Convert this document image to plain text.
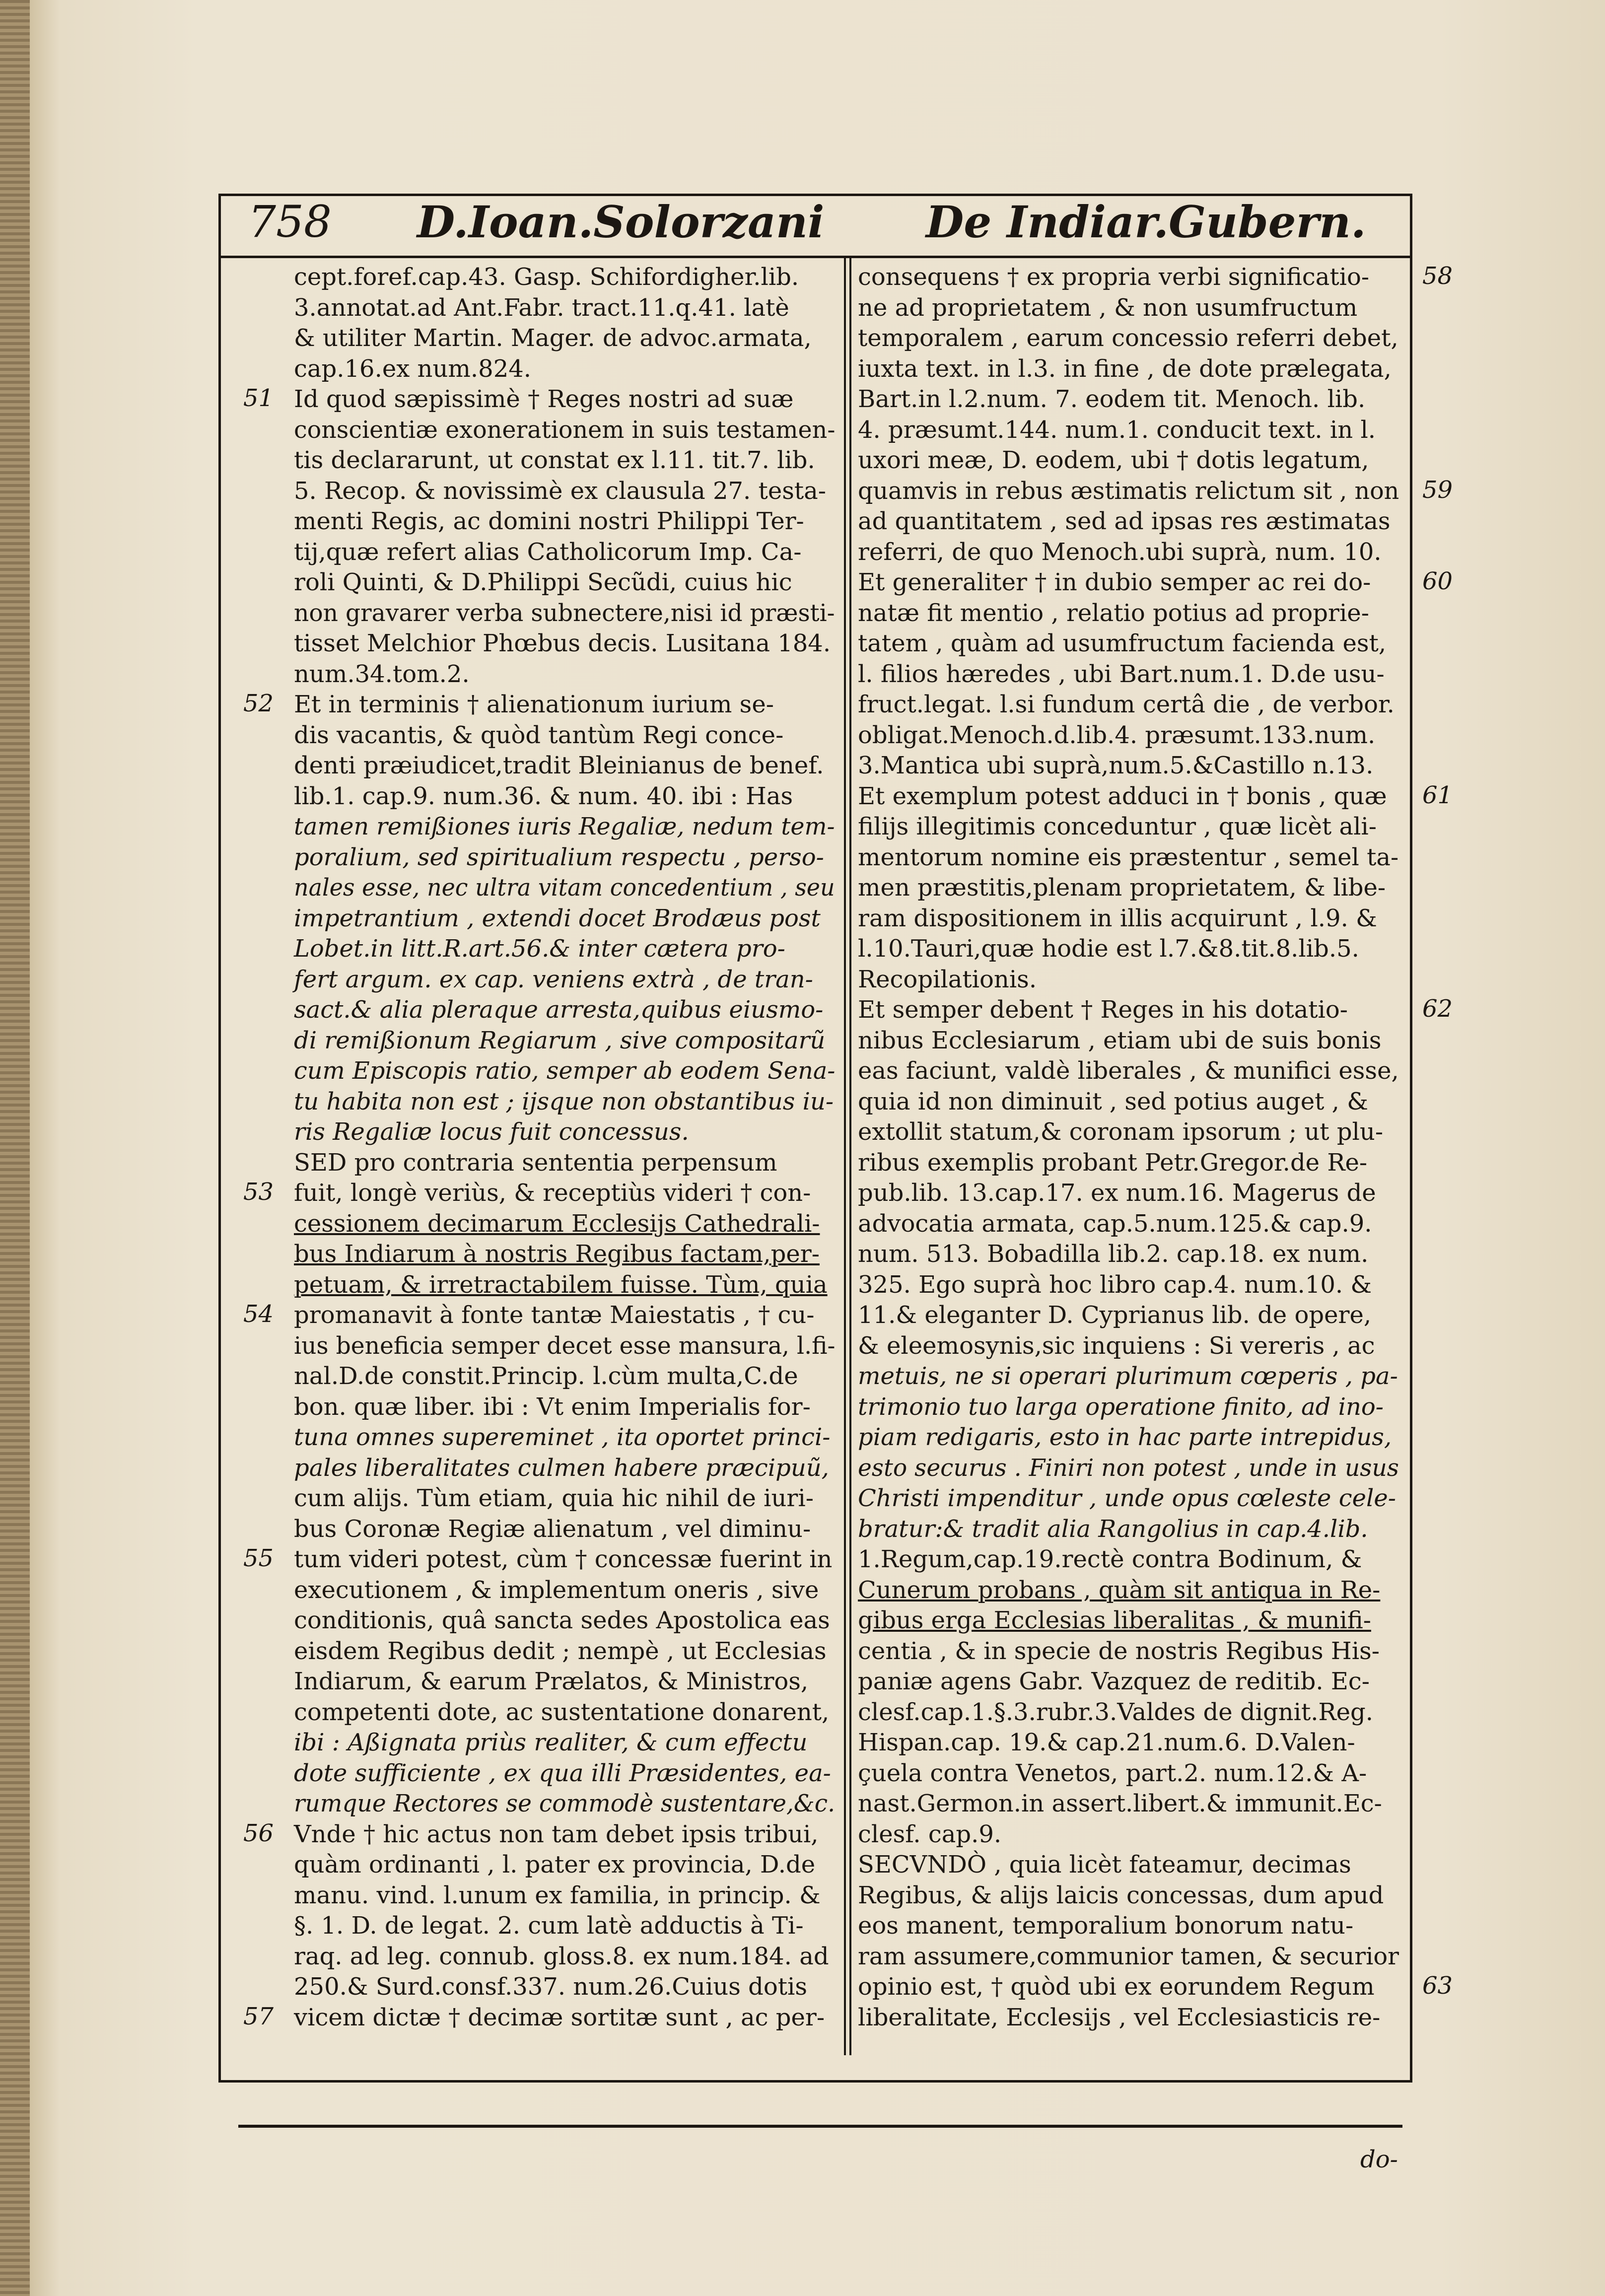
758 D.Ioan.Solorzani De Indiar.Gubern.
cept.foref.cap.43. Gasp. Schifordigher.lib.
3.annotat.ad Ant.Fabr. tract.11.q.41. latè
& utiliter Martin. Mager. de advoc.armata,
cap.16.ex num.824.
Id quod sæpissimè † Reges nostri ad suæ
conscientiæ exonerationem in suis testamen-
tis declararunt, ut constat ex l.11. tit.7. lib.
5. Recop. & novissimè ex clausula 27. testa-
menti Regis, ac domini nostri Philippi Ter-
tij,quæ refert alias Catholicorum Imp. Ca-
roli Quinti, & D.Philippi Secũdi, cuius hic
non gravarer verba subnectere,nisi id præsti-
tisset Melchior Phœbus decis. Lusitana 184.
num.34.tom.2.
Et in terminis † alienationum iurium se-
dis vacantis, & quòd tantùm Regi conce-
denti præiudicet,tradit Bleinianus de benef.
lib.1. cap.9. num.36. & num. 40. ibi : Has
tamen remißiones iuris Regaliæ, nedum tem-
poralium, sed spiritualium respectu , perso-
nales esse, nec ultra vitam concedentium , seu
impetrantium , extendi docet Brodæus post
Lobet.in litt.R.art.56.& inter cætera pro-
fert argum. ex cap. veniens extrà , de tran-
sact.& alia pleraque arresta,quibus eiusmo-
di remißionum Regiarum , sive compositarũ
cum Episcopis ratio, semper ab eodem Sena-
tu habita non est ; ijsque non obstantibus iu-
ris Regaliæ locus fuit concessus.
SED pro contraria sententia perpensum
fuit, longè veriùs, & receptiùs videri † con-
cessionem decimarum Ecclesijs Cathedrali-
bus Indiarum à nostris Regibus factam,per-
petuam, & irretractabilem fuisse. Tùm, quia
promanavit à fonte tantæ Maiestatis , † cu-
ius beneficia semper decet esse mansura, l.fi-
nal.D.de constit.Princip. l.cùm multa,C.de
bon. quæ liber. ibi : Vt enim Imperialis for-
tuna omnes supereminet , ita oportet princi-
pales liberalitates culmen habere præcipuũ,
cum alijs. Tùm etiam, quia hic nihil de iuri-
bus Coronæ Regiæ alienatum , vel diminu-
tum videri potest, cùm † concessæ fuerint in
executionem , & implementum oneris , sive
conditionis, quâ sancta sedes Apostolica eas
eisdem Regibus dedit ; nempè , ut Ecclesias
Indiarum, & earum Prælatos, & Ministros,
competenti dote, ac sustentatione donarent,
ibi : Aßignata priùs realiter, & cum effectu
dote sufficiente , ex qua illi Præsidentes, ea-
rumque Rectores se commodè sustentare,&c.
Vnde † hic actus non tam debet ipsis tribui,
quàm ordinanti , l. pater ex provincia, D.de
manu. vind. l.unum ex familia, in princip. &
§. 1. D. de legat. 2. cum latè adductis à Ti-
raq. ad leg. connub. gloss.8. ex num.184. ad
250.& Surd.consf.337. num.26.Cuius dotis
vicem dictæ † decimæ sortitæ sunt , ac per-
consequens † ex propria verbi significatio-
ne ad proprietatem , & non usumfructum
temporalem , earum concessio referri debet,
iuxta text. in l.3. in fine , de dote prælegata,
Bart.in l.2.num. 7. eodem tit. Menoch. lib.
4. præsumt.144. num.1. conducit text. in l.
uxori meæ, D. eodem, ubi † dotis legatum,
quamvis in rebus æstimatis relictum sit , non
ad quantitatem , sed ad ipsas res æstimatas
referri, de quo Menoch.ubi suprà, num. 10.
Et generaliter † in dubio semper ac rei do-
natæ fit mentio , relatio potius ad proprie-
tatem , quàm ad usumfructum facienda est,
l. filios hæredes , ubi Bart.num.1. D.de usu-
fruct.legat. l.si fundum certâ die , de verbor.
obligat.Menoch.d.lib.4. præsumt.133.num.
3.Mantica ubi suprà,num.5.&Castillo n.13.
Et exemplum potest adduci in † bonis , quæ
filijs illegitimis conceduntur , quæ licèt ali-
mentorum nomine eis præstentur , semel ta-
men præstitis,plenam proprietatem, & libe-
ram dispositionem in illis acquirunt , l.9. &
l.10.Tauri,quæ hodie est l.7.&8.tit.8.lib.5.
Recopilationis.
Et semper debent † Reges in his dotatio-
nibus Ecclesiarum , etiam ubi de suis bonis
eas faciunt, valdè liberales , & munifici esse,
quia id non diminuit , sed potius auget , &
extollit statum,& coronam ipsorum ; ut plu-
ribus exemplis probant Petr.Gregor.de Re-
pub.lib. 13.cap.17. ex num.16. Magerus de
advocatia armata, cap.5.num.125.& cap.9.
num. 513. Bobadilla lib.2. cap.18. ex num.
325. Ego suprà hoc libro cap.4. num.10. &
11.& eleganter D. Cyprianus lib. de opere,
& eleemosynis,sic inquiens : Si vereris , ac
metuis, ne si operari plurimum cœperis , pa-
trimonio tuo larga operatione finito, ad ino-
piam redigaris, esto in hac parte intrepidus,
esto securus . Finiri non potest , unde in usus
Christi impenditur , unde opus cœleste cele-
bratur:& tradit alia Rangolius in cap.4.lib.
1.Regum,cap.19.rectè contra Bodinum, &
Cunerum probans , quàm sit antiqua in Re-
gibus erga Ecclesias liberalitas , & munifi-
centia , & in specie de nostris Regibus His-
paniæ agens Gabr. Vazquez de reditib. Ec-
clesf.cap.1.§.3.rubr.3.Valdes de dignit.Reg.
Hispan.cap. 19.& cap.21.num.6. D.Valen-
çuela contra Venetos, part.2. num.12.& A-
nast.Germon.in assert.libert.& immunit.Ec-
clesf. cap.9.
SECVNDÒ , quia licèt fateamur, decimas
Regibus, & alijs laicis concessas, dum apud
eos manent, temporalium bonorum natu-
ram assumere,communior tamen, & securior
opinio est, † quòd ubi ex eorundem Regum
liberalitate, Ecclesijs , vel Ecclesiasticis re-
51
52
53
54
55
56
57
58
59
60
61
62
63
do-
